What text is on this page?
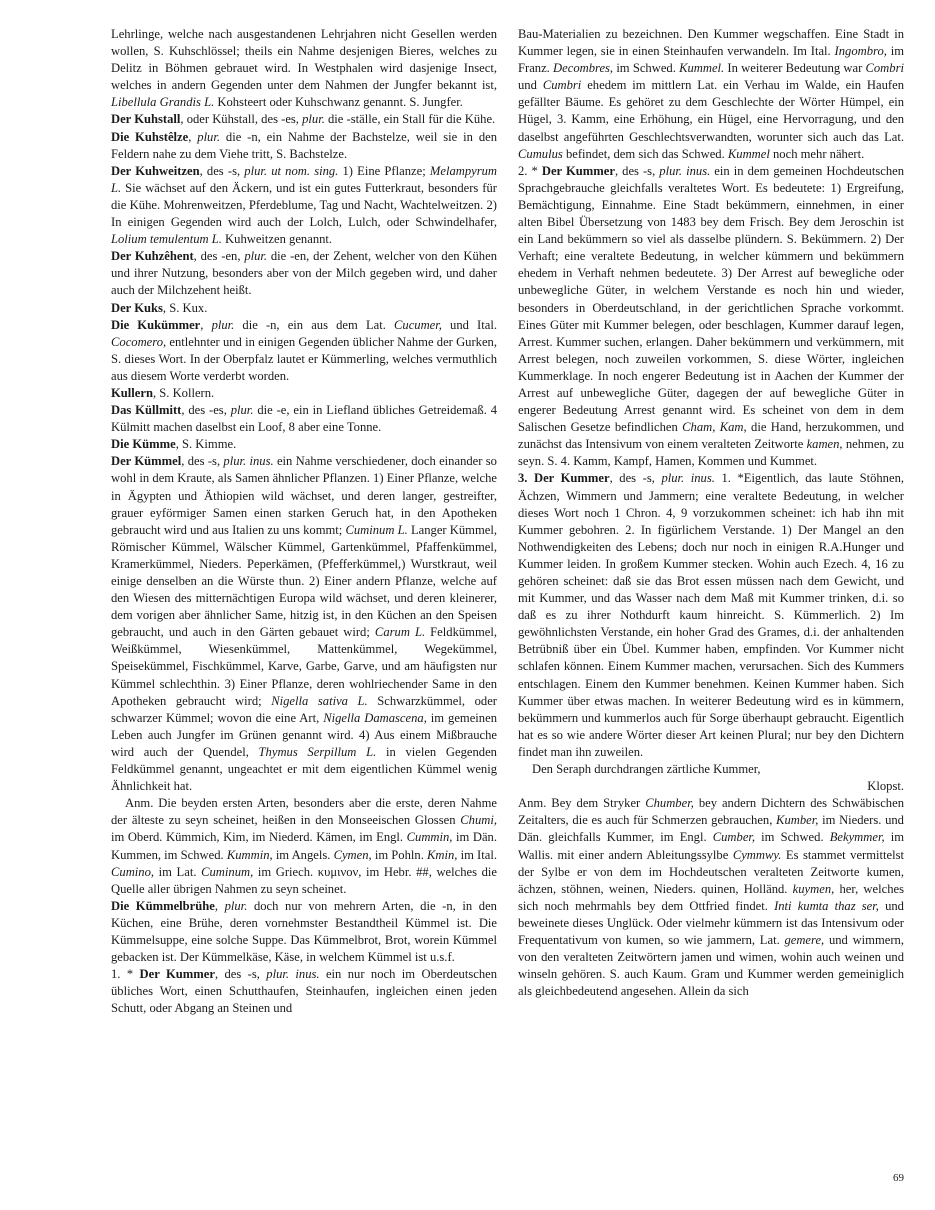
Lehrlinge, welche nach ausgestandenen Lehrjahren nicht Gesellen werden wollen, S. Kuhschlössel; theils ein Nahme desjenigen Bieres, welches zu Delitz in Böhmen gebrauet wird. In Westphalen wird dasjenige Insect, welches in andern Gegenden unter dem Nahmen der Jungfer bekannt ist, Libellula Grandis L. Kohsteert oder Kuhschwanz genannt. S. Jungfer.

Der Kuhstall, oder Kühstall, des -es, plur. die -ställe, ein Stall für die Kühe.

Die Kuhstêlze, plur. die -n, ein Nahme der Bachstelze, weil sie in den Feldern nahe zu dem Viehe tritt, S. Bachstelze.

Der Kuhweitzen, des -s, plur. ut nom. sing. 1) Eine Pflanze; Melampyrum L. Sie wächset auf den Äckern, und ist ein gutes Futterkraut, besonders für die Kühe. Mohrenweitzen, Pferdeblume, Tag und Nacht, Wachtelweitzen. 2) In einigen Gegenden wird auch der Lolch, Lulch, oder Schwindelhafer, Lolium temulentum L. Kuhweitzen genannt.

Der Kuhzêhent, des -en, plur. die -en, der Zehent, welcher von den Kühen und ihrer Nutzung, besonders aber von der Milch gegeben wird, und daher auch der Milchzehent heißt.

Der Kuks, S. Kux.

Die Kukümmer, plur. die -n, ein aus dem Lat. Cucumer, und Ital. Cocomero, entlehnter und in einigen Gegenden üblicher Nahme der Gurken, S. dieses Wort. In der Oberpfalz lautet er Kümmerling, welches vermuthlich aus diesem Worte verderbt worden.

Kullern, S. Kollern.

Das Küllmitt, des -es, plur. die -e, ein in Liefland übliches Getreidemaß. 4 Külmitt machen daselbst ein Loof, 8 aber eine Tonne.

Die Kümme, S. Kimme.

Der Kümmel, des -s, plur. inus. ein Nahme verschiedener, doch einander so wohl in dem Kraute, als Samen ähnlicher Pflanzen. 1) Einer Pflanze, welche in Ägypten und Äthiopien wild wächset, und deren langer, gestreifter, grauer eyförmiger Samen einen starken Geruch hat, in den Apotheken gebraucht wird und aus Italien zu uns kommt; Cuminum L. Langer Kümmel, Römischer Kümmel, Wälscher Kümmel, Gartenkümmel, Pfaffenkümmel, Kramerkümmel, Nieders. Peperkämen, (Pfefferkümmel,) Wurstkraut, weil einige denselben an die Würste thun. 2) Einer andern Pflanze, welche auf den Wiesen des mitternächtigen Europa wild wächset, und deren kleinerer, dem vorigen aber ähnlicher Same, hitzig ist, in den Küchen an den Speisen gebraucht, und auch in den Gärten gebauet wird; Carum L. Feldkümmel, Weißkümmel, Wiesenkümmel, Mattenkümmel, Wegekümmel, Speisekümmel, Fischkümmel, Karve, Garbe, Garve, und am häufigsten nur Kümmel schlechthin. 3) Einer Pflanze, deren wohlriechender Same in den Apotheken gebraucht wird; Nigella sativa L. Schwarzkümmel, oder schwarzer Kümmel; wovon die eine Art, Nigella Damascena, im gemeinen Leben auch Jungfer im Grünen genannt wird. 4) Aus einem Mißbrauche wird auch der Quendel, Thymus Serpillum L. in vielen Gegenden Feldkümmel genannt, ungeachtet er mit dem eigentlichen Kümmel wenig Ähnlichkeit hat.

Anm. Die beyden ersten Arten, besonders aber die erste, deren Nahme der älteste zu seyn scheinet, heißen in den Monseeischen Glossen Chumi, im Oberd. Kümmich, Kim, im Niederd. Kämen, im Engl. Cummin, im Dän. Kummen, im Schwed. Kummin, im Angels. Cymen, im Pohln. Kmin, im Ital. Cumino, im Lat. Cuminum, im Griech. κυμινον, im Hebr. ##, welches die Quelle aller übrigen Nahmen zu seyn scheinet.

Die Kümmelbrühe, plur. doch nur von mehrern Arten, die -n, in den Küchen, eine Brühe, deren vornehmster Bestandtheil Kümmel ist. Die Kümmelsuppe, eine solche Suppe. Das Kümmelbrot, Brot, worein Kümmel gebacken ist. Der Kümmelkäse, Käse, in welchem Kümmel ist u.s.f.

1. * Der Kummer, des -s, plur. inus. ein nur noch im Oberdeutschen übliches Wort, einen Schutthaufen, Steinhaufen, ingleichen einen jeden Schutt, oder Abgang an Steinen und

Bau-Materialien zu bezeichnen. Den Kummer wegschaffen. Eine Stadt in Kummer legen, sie in einen Steinhaufen verwandeln. Im Ital. Ingombro, im Franz. Decombres, im Schwed. Kummel. In weiterer Bedeutung war Combri und Cumbri ehedem im mittlern Lat. ein Verhau im Walde, ein Haufen gefällter Bäume. Es gehöret zu dem Geschlechte der Wörter Hümpel, ein Hügel, 3. Kamm, eine Erhöhung, ein Hügel, eine Hervorragung, und den daselbst angeführten Geschlechtsverwandten, worunter sich auch das Lat. Cumulus befindet, dem sich das Schwed. Kummel noch mehr nähert.

2. * Der Kummer, des -s, plur. inus. ein in dem gemeinen Hochdeutschen Sprachgebrauche gleichfalls veraltetes Wort. Es bedeutete: 1) Ergreifung, Bemächtigung, Einnahme. Eine Stadt bekümmern, einnehmen, in einer alten Bibel Übersetzung von 1483 bey dem Frisch. Bey dem Jeroschin ist ein Land bekümmern so viel als dasselbe plündern. S. Bekümmern. 2) Der Verhaft; eine veraltete Bedeutung, in welcher kümmern und bekümmern ehedem in Verhaft nehmen bedeutete. 3) Der Arrest auf bewegliche oder unbewegliche Güter, in welchem Verstande es noch hin und wieder, besonders in Oberdeutschland, in der gerichtlichen Sprache vorkommt. Eines Güter mit Kummer belegen, oder beschlagen, Kummer darauf legen, Arrest. Kummer suchen, erlangen. Daher bekümmern und verkümmern, mit Arrest belegen, noch zuweilen vorkommen, S. diese Wörter, ingleichen Kummerklage. In noch engerer Bedeutung ist in Aachen der Kummer der Arrest auf unbewegliche Güter, dagegen der auf bewegliche Güter in engerer Bedeutung Arrest genannt wird. Es scheinet von dem in dem Salischen Gesetze befindlichen Cham, Kam, die Hand, herzukommen, und zunächst das Intensivum von einem veralteten Zeitworte kamen, nehmen, zu seyn. S. 4. Kamm, Kampf, Hamen, Kommen und Kummet.

3. Der Kummer, des -s, plur. inus. 1. *Eigentlich, das laute Stöhnen, Ächzen, Wimmern und Jammern; eine veraltete Bedeutung, in welcher dieses Wort noch 1 Chron. 4, 9 vorzukommen scheinet: ich hab ihn mit Kummer gebohren. 2. In figürlichem Verstande. 1) Der Mangel an den Nothwendigkeiten des Lebens; doch nur noch in einigen R.A.Hunger und Kummer leiden. In großem Kummer stecken. Wohin auch Ezech. 4, 16 zu gehören scheinet: daß sie das Brot essen müssen nach dem Gewicht, und mit Kummer, und das Wasser nach dem Maß mit Kummer trinken, d.i. so daß es zu ihrer Nothdurft kaum hinreicht. S. Kümmerlich. 2) Im gewöhnlichsten Verstande, ein hoher Grad des Grames, d.i. der anhaltenden Betrübniß über ein Übel. Kummer haben, empfinden. Vor Kummer nicht schlafen können. Einem Kummer machen, verursachen. Sich des Kummers entschlagen. Einem den Kummer benehmen. Keinen Kummer haben. Sich Kummer über etwas machen. In weiterer Bedeutung wird es in kümmern, bekümmern und kummerlos auch für Sorge überhaupt gebraucht. Eigentlich hat es so wie andere Wörter dieser Art keinen Plural; nur bey den Dichtern findet man ihn zuweilen.

Den Seraph durchdrangen zärtliche Kummer,

Klopst.

Anm. Bey dem Stryker Chumber, bey andern Dichtern des Schwäbischen Zeitalters, die es auch für Schmerzen gebrauchen, Kumber, im Nieders. und Dän. gleichfalls Kummer, im Engl. Cumber, im Schwed. Bekymmer, im Wallis. mit einer andern Ableitungssylbe Cymmwy. Es stammet vermittelst der Sylbe er von dem im Hochdeutschen veralteten Zeitworte kumen, ächzen, stöhnen, weinen, Nieders. quinen, Holländ. kuymen, her, welches sich noch mehrmahls bey dem Ottfried findet. Inti kumta thaz ser, und beweinete dieses Unglück. Oder vielmehr kümmern ist das Intensivum oder Frequentativum von kumen, so wie jammern, Lat. gemere, und wimmern, von den veralteten Zeitwörtern jamen und wimen, wohin auch weinen und winseln gehören. S. auch Kaum. Gram und Kummer werden gemeiniglich als gleichbedeutend angesehen. Allein da sich

69
